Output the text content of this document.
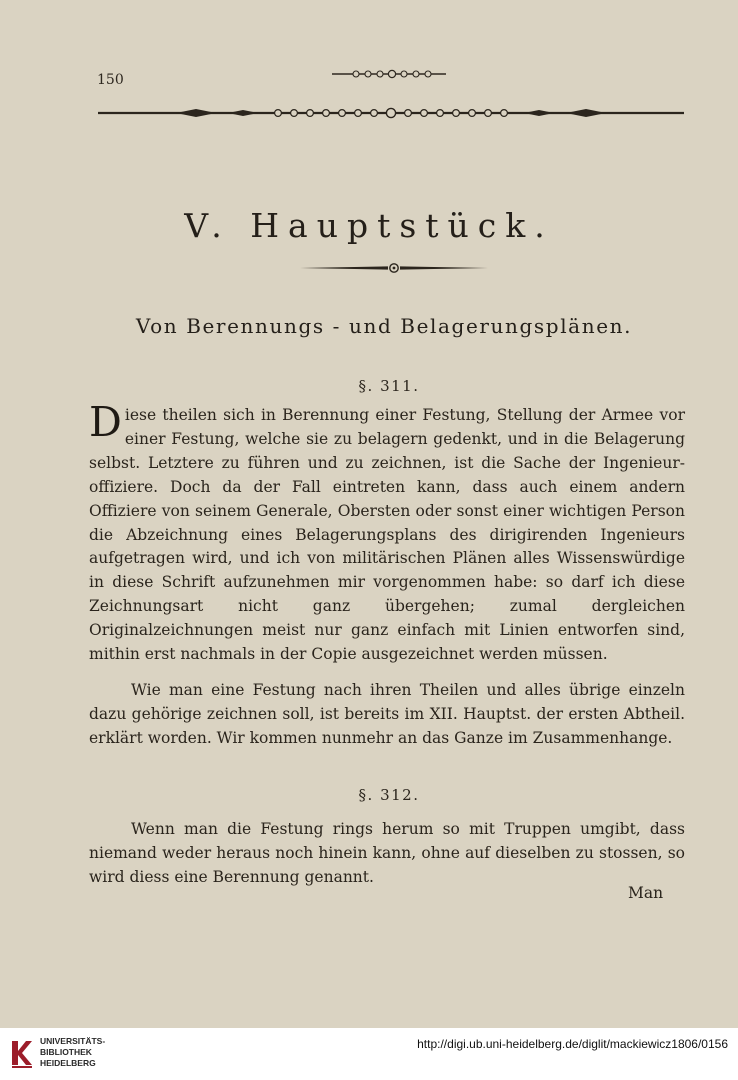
150
V. Hauptstück.
Von Berennungs - und Belagerungsplänen.
§. 311.
Diese theilen sich in Berennung einer Festung, Stellung der Armee vor einer Festung, welche sie zu belagern gedenkt, und in die Belagerung selbst. Letztere zu führen und zu zeichnen, ist die Sache der Ingenieur-offiziere. Doch da der Fall eintreten kann, dass auch einem andern Offiziere von seinem Generale, Obersten oder sonst einer wichtigen Person die Abzeichnung eines Belagerungsplans des dirigirenden Ingenieurs aufgetragen wird, und ich von militärischen Plänen alles Wissenswürdige in diese Schrift aufzunehmen mir vorgenommen habe: so darf ich diese Zeichnungsart nicht ganz übergehen; zumal dergleichen Originalzeichnungen meist nur ganz einfach mit Linien entworfen sind, mithin erst nachmals in der Copie ausgezeichnet werden müssen.
Wie man eine Festung nach ihren Theilen und alles übrige einzeln dazu gehörige zeichnen soll, ist bereits im XII. Hauptst. der ersten Abtheil. erklärt worden. Wir kommen nunmehr an das Ganze im Zusammenhange.
§. 312.
Wenn man die Festung rings herum so mit Truppen umgibt, dass niemand weder heraus noch hinein kann, ohne auf dieselben zu stossen, so wird diess eine Berennung genannt.
Man
UNIVERSITÄTS-
BIBLIOTHEK
HEIDELBERG
http://digi.ub.uni-heidelberg.de/diglit/mackiewicz1806/0156
